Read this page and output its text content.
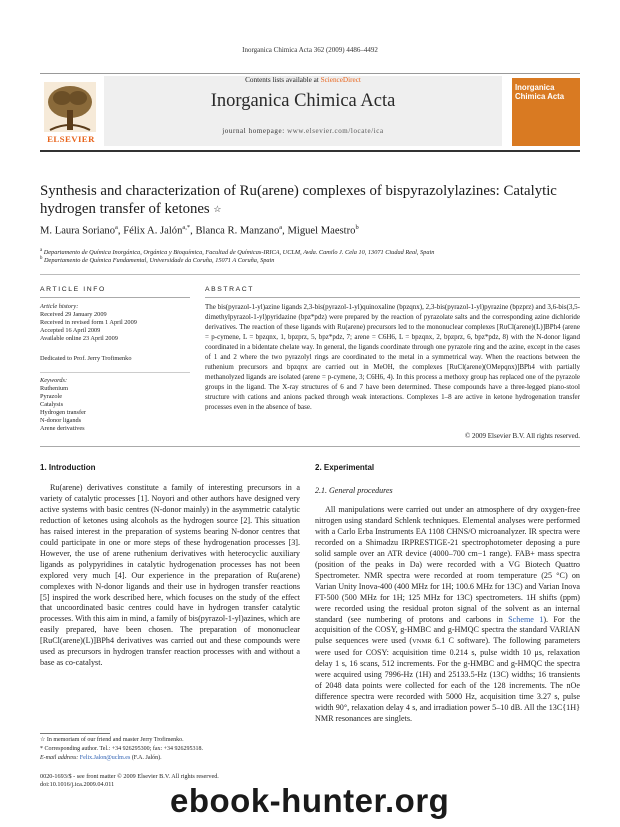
Inorganica Chimica Acta 362 (2009) 4486–4492
Contents lists available at ScienceDirect
Inorganica Chimica Acta
journal homepage: www.elsevier.com/locate/ica
ELSEVIER
Inorganica Chimica Acta
Synthesis and characterization of Ru(arene) complexes of bispyrazolylazines: Catalytic hydrogen transfer of ketones ☆
M. Laura Soriano$^a$, Félix A. Jalón$^{a,*}$, Blanca R. Manzano$^a$, Miguel Maestro$^b$
$^a$ Departamento de Química Inorgánica, Orgánica y Bioquímica, Facultad de Químicas-IRICA, UCLM, Avda. Camilo J. Cela 10, 13071 Ciudad Real, Spain
$^b$ Departamento de Química Fundamental, Universidade da Coruña, 15071 A Coruña, Spain
ARTICLE INFO	ABSTRACT
Article history:
Received 29 January 2009
Received in revised form 1 April 2009
Accepted 16 April 2009
Available online 23 April 2009
Dedicated to Prof. Jerry Trofimenko
Keywords:
Ruthenium
Pyrazole
Catalysis
Hydrogen transfer
N-donor ligands
Arene derivatives
The bis(pyrazol-1-yl)azine ligands 2,3-bis(pyrazol-1-yl)quinoxaline (bpzqnx), 2,3-bis(pyrazol-1-yl)pyrazine (bpzprz) and 3,6-bis(3,5-dimethylpyrazol-1-yl)pyridazine (bpz*pdz) were prepared by the reaction of pyrazolate salts and the corresponding azine dichloride derivatives. The reaction of these ligands with Ru(arene) precursors led to the mononuclear complexes [RuCl(arene)(L)]BPh4 (arene = p-cymene, L = bpzqnx, 1, bpzprz, 5, bpz*pdz, 7; arene = C6H6, L = bpzqnx, 2, bpzprz, 6, bpz*pdz, 8) with the N-donor ligand coordinated in a bidentate chelate way. In general, the ligands coordinate through one pyrazole ring and the azine, except in the cases of 1 and 2 where the two pyrazolyl rings are coordinated to the metal in a symmetrical way. When the reactions between the ruthenium precursors and bpzqnx are carried out in MeOH, the complexes [RuCl(arene)(OMepqnx)]BPh4 with partially methanolyzed ligands are isolated (arene = p-cymene, 3; C6H6, 4). In this process a methoxy group has replaced one of the pyrazole groups in the ligand. The X-ray structures of 6 and 7 have been determined. These compounds have a three-legged piano-stool structure with cations and anions packed through weak interactions. Complexes 1–8 are active in ketone hydrogenation transfer processes even in the absence of base.
© 2009 Elsevier B.V. All rights reserved.
1. Introduction

Ru(arene) derivatives constitute a family of interesting precursors in a variety of catalytic processes [1]. Noyori and other authors have designed very active systems with basic centres (N-donor mainly) in the asymmetric catalytic reduction of ketones using alcohols as the hydrogen source [2]. This situation has raised interest in the preparation of systems bearing N-donor centres that could participate in one or more steps of these hydrogenation processes [3]. However, the use of arene ruthenium derivatives with heterocyclic auxiliary ligands as polypyridines in catalytic hydrogenation processes has not been explored very much [4]. Our experience in the preparation of Ru(arene) complexes with N-donor ligands and their use in hydrogen transfer reactions [5] inspired the work described here, which focuses on the study of the effect that uncoordinated basic centres could have in hydrogen transfer catalytic processes. With this aim in mind, a family of bis(pyrazol-1-yl)azines, which are easily prepared, have been chosen. The preparation of mononuclear [RuCl(arene)(L)]BPh4 derivatives was carried out and these compounds were used as precursors in hydrogen transfer reaction processes with and without a base as co-catalyst.

2. Experimental
2.1. General procedures

All manipulations were carried out under an atmosphere of dry oxygen-free nitrogen using standard Schlenk techniques. Elemental analyses were performed with a Carlo Erba Instruments EA 1108 CHNS/O microanalyzer. IR spectra were recorded on a Shimadzu IRPRESTIGE-21 spectrophotometer deposing a pure solid sample over an ATR device (4000–700 cm−1 range). FAB+ mass spectra (position of the peaks in Da) were recorded with a VG Biotech Quattro Spectrometer. NMR spectra were recorded at room temperature (25 °C) on Varian Unity Inova-400 (400 MHz for 1H; 100.6 MHz for 13C) and Varian Inova FT-500 (500 MHz for 1H; 125 MHz for 13C) spectrometers. 1H shifts (ppm) were recorded using the residual proton signal of the solvent as an internal standard (see numbering of protons and carbons in Scheme 1). For the acquisition of the COSY, g-HMBC and g-HMQC spectra the standard VARIAN pulse sequences were used (VNMR 6.1 C software). The following parameters were used for COSY: acquisition time 0.214 s, pulse width 10 μs, relaxation delay 1 s, 16 scans, 512 increments. For the g-HMBC and g-HMQC the spectra were acquired using 7996-Hz (1H) and 25133.5-Hz (13C) widths; 16 transients of 2048 data points were collected for each of the 128 increments. The nOe difference spectra were recorded with 5000 Hz, acquisition time 3.27 s, pulse width 90°, relaxation delay 4 s, and irradiation power 5–10 dB. All the 13C{1H} NMR resonances are singlets.

☆ In memoriam of our friend and master Jerry Trofimenko.
* Corresponding author. Tel.: +34 926295300; fax: +34 926295318.
E-mail address: Felix.Jalon@uclm.es (F.A. Jalón).
0020-1693/$ - see front matter © 2009 Elsevier B.V. All rights reserved.
doi:10.1016/j.ica.2009.04.011 ebook-hunter.org
